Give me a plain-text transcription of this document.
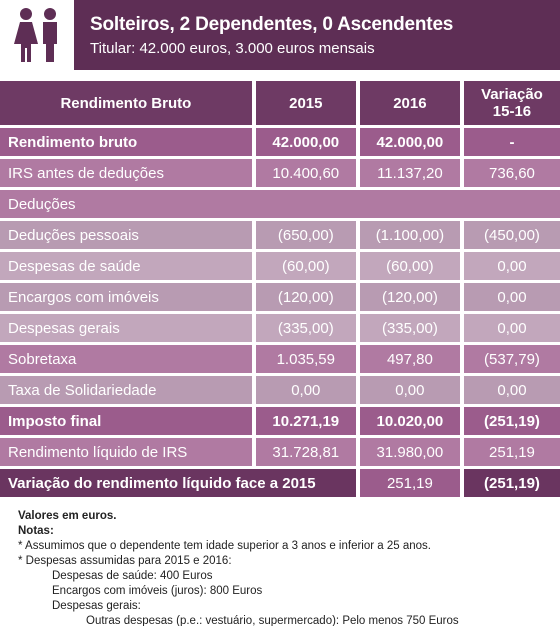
Solteiros, 2 Dependentes, 0 Ascendentes
Titular: 42.000 euros, 3.000 euros mensais
Rendimento Bruto	2015	2016	Variação 15-16
Rendimento bruto	42.000,00	42.000,00	-
IRS antes de deduções	10.400,60	11.137,20	736,60
Deduções			
Deduções pessoais	(650,00)	(1.100,00)	(450,00)
Despesas de saúde	(60,00)	(60,00)	0,00
Encargos com imóveis	(120,00)	(120,00)	0,00
Despesas gerais	(335,00)	(335,00)	0,00
Sobretaxa	1.035,59	497,80	(537,79)
Taxa de Solidariedade	0,00	0,00	0,00
Imposto final	10.271,19	10.020,00	(251,19)
Rendimento líquido de IRS	31.728,81	31.980,00	251,19
Variação do rendimento líquido face a 2015		251,19	(251,19)
Valores em euros.
Notas:
* Assumimos que o dependente tem idade superior a 3 anos e inferior a 25 anos.
* Despesas assumidas para 2015 e 2016:
Despesas de saúde: 400 Euros
Encargos com imóveis (juros): 800 Euros
Despesas gerais:
Outras despesas (p.e.: vestuário, supermercado): Pelo menos 750 Euros
